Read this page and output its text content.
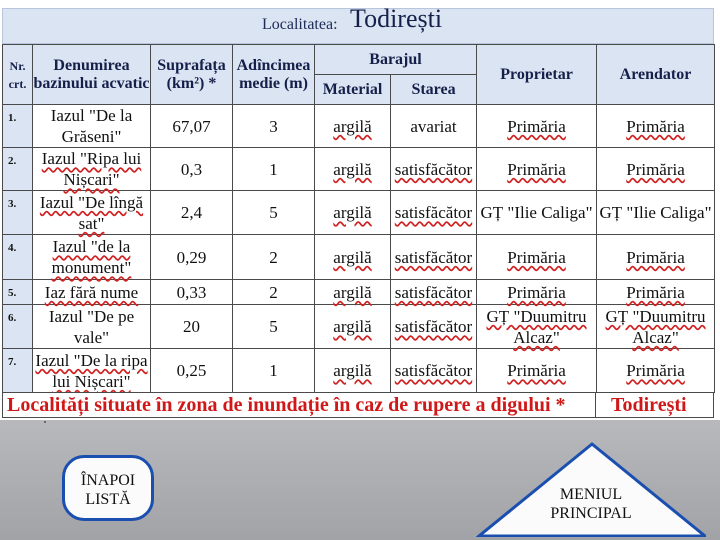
Localitatea: Todirești
Nr. crt.	Denumirea bazinului acvatic	Suprafața (km²) *	Adîncimea medie (m)	Barajul		Proprietar	Arendator
				Material	Starea		
1.	Iazul "De la Grăseni"	67,07	3	argilă	avariat	Primăria	Primăria
2.	Iazul "Ripa lui Nișcari"	0,3	1	argilă	satisfăcător	Primăria	Primăria
3.	Iazul "De lîngă sat"	2,4	5	argilă	satisfăcător	GȚ "Ilie Caliga"	GȚ "Ilie Caliga"
4.	Iazul "de la monument"	0,29	2	argilă	satisfăcător	Primăria	Primăria
5.	Iaz fără nume	0,33	2	argilă	satisfăcător	Primăria	Primăria
6.	Iazul "De pe vale"	20	5	argilă	satisfăcător	GȚ "Duumitru Alcaz"	GȚ "Duumitru Alcaz"
7.	Iazul "De la ripa lui Nișcari"	0,25	1	argilă	satisfăcător	Primăria	Primăria
Localități situate în zona de inundație în caz de rupere a digului * Todirești
ÎNAPOI
LISTĂ	MENIUL
PRINCIPAL
